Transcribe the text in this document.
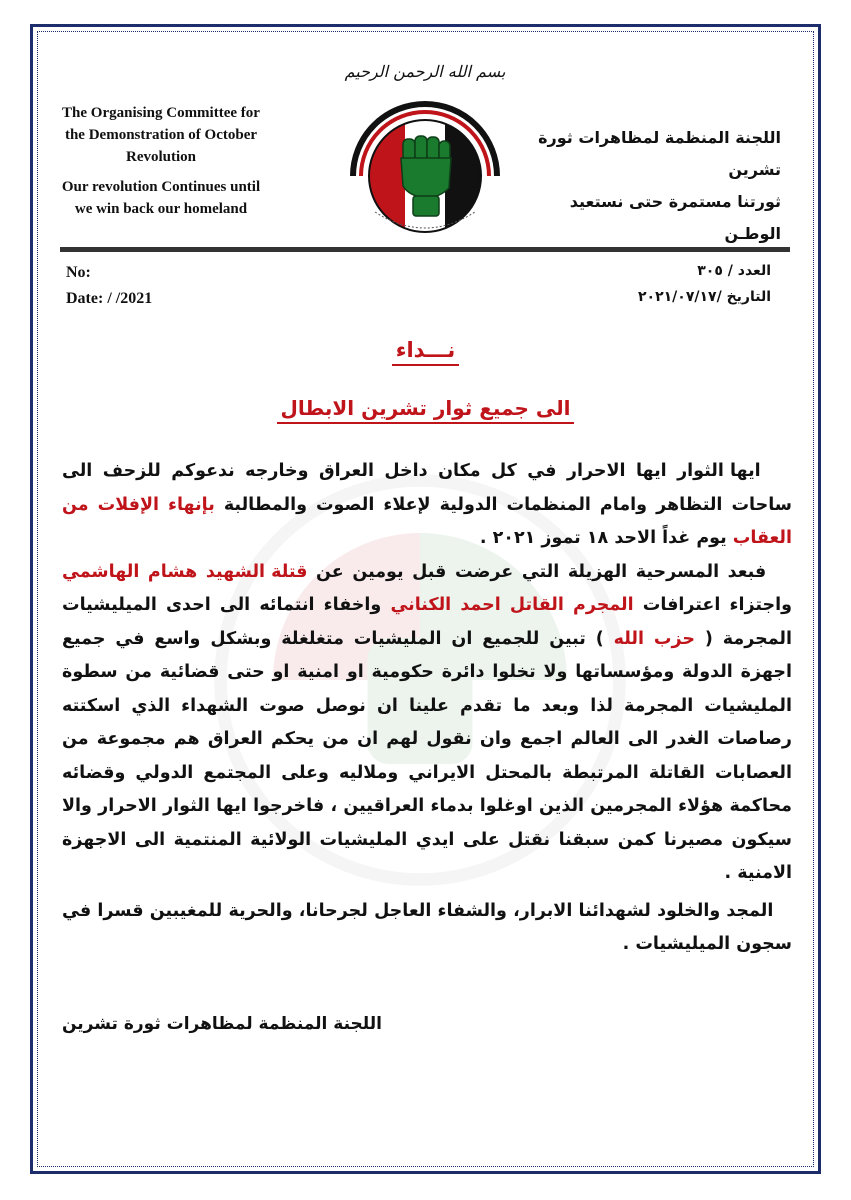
The Organising Committee for the Demonstration of October Revolution
Our revolution Continues until we win back our homeland
بسم الله الرحمن الرحيم
اللجنة المنظمة لمظاهرات ثورة تشرين
ثورتنا مستمرة حتى نستعيد الوطـن
No:
Date: / /2021
العدد / ٣٠٥
التاريخ /٢٠٢١/٠٧/١٧
نـــداء
الى جميع ثوار تشرين الابطال

ايها الثوار ايها الاحرار في كل مكان داخل العراق وخارجه ندعوكم للزحف الى ساحات التظاهر وامام المنظمات الدولية لإعلاء الصوت والمطالبة بإنهاء الإفلات من العقاب يوم غداً الاحد ١٨ تموز ٢٠٢١ .

فبعد المسرحية الهزيلة التي عرضت قبل يومين عن قتلة الشهيد هشام الهاشمي واجتزاء اعترافات المجرم القاتل احمد الكناني واخفاء انتمائه الى احدى الميليشيات المجرمة ( حزب الله ) تبين للجميع ان المليشيات متغلغلة وبشكل واسع في جميع اجهزة الدولة ومؤسساتها ولا تخلوا دائرة حكومية او امنية او حتى قضائية من سطوة المليشيات المجرمة لذا وبعد ما تقدم علينا ان نوصل صوت الشهداء الذي اسكتته رصاصات الغدر الى العالم اجمع وان نقول لهم ان من يحكم العراق هم مجموعة من العصابات القاتلة المرتبطة بالمحتل الايراني وملاليه وعلى المجتمع الدولي وقضائه محاكمة هؤلاء المجرمين الذين اوغلوا بدماء العراقيين ، فاخرجوا ايها الثوار الاحرار والا سيكون مصيرنا كمن سبقنا نقتل على ايدي المليشيات الولائية المنتمية الى الاجهزة الامنية .

المجد والخلود لشهدائنا الابرار، والشفاء العاجل لجرحانا، والحرية للمغيبين قسرا في سجون الميليشيات .

اللجنة المنظمة لمظاهرات ثورة تشرين
